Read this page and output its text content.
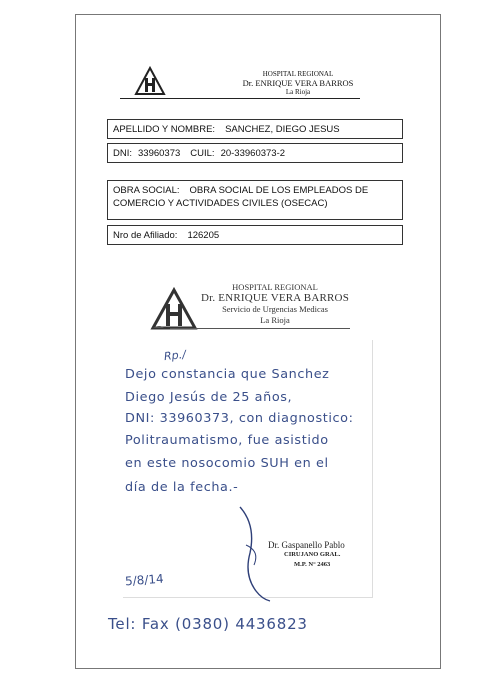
HOSPITAL REGIONAL
Dr. ENRIQUE VERA BARROS
La Rioja
APELLIDO Y NOMBRE: SANCHEZ, DIEGO JESUS
DNI: 33960373 CUIL: 20-33960373-2
OBRA SOCIAL: OBRA SOCIAL DE LOS EMPLEADOS DE
COMERCIO Y ACTIVIDADES CIVILES (OSECAC)
Nro de Afiliado: 126205
HOSPITAL REGIONAL
Dr. ENRIQUE VERA BARROS
Servicio de Urgencias Medicas
La Rioja
Rp./
Dejo constancia que Sanchez
Diego Jesús de 25 años,
DNI: 33960373, con diagnostico:
Politraumatismo, fue asistido
en este nosocomio SUH en el
día de la fecha.-
Dr. Gaspanello Pablo
CIRUJANO GRAL.
M.P. N° 2463
5/8/14
Tel: Fax (0380) 4436823
